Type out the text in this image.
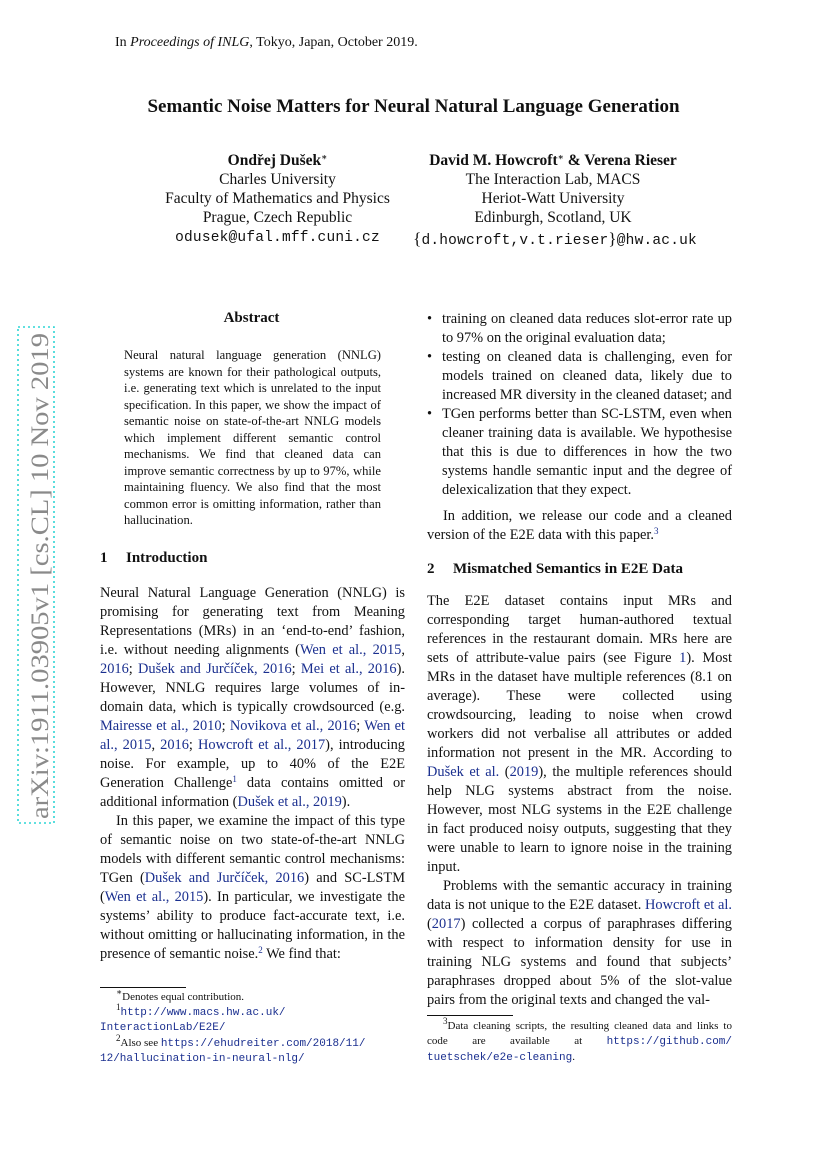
In Proceedings of INLG, Tokyo, Japan, October 2019.
Semantic Noise Matters for Neural Natural Language Generation
Ondřej Dušek∗
Charles University
Faculty of Mathematics and Physics
Prague, Czech Republic
odusek@ufal.mff.cuni.cz
David M. Howcroft∗ & Verena Rieser
The Interaction Lab, MACS
Heriot-Watt University
Edinburgh, Scotland, UK
{d.howcroft,v.t.rieser}@hw.ac.uk
arXiv:1911.03905v1 [cs.CL] 10 Nov 2019
Abstract
Neural natural language generation (NNLG) systems are known for their pathological outputs, i.e. generating text which is unrelated to the input specification. In this paper, we show the impact of semantic noise on state-of-the-art NNLG models which implement different semantic control mechanisms. We find that cleaned data can improve semantic correctness by up to 97%, while maintaining fluency. We also find that the most common error is omitting information, rather than hallucination.
1 Introduction

Neural Natural Language Generation (NNLG) is promising for generating text from Meaning Representations (MRs) in an ‘end-to-end’ fashion, i.e. without needing alignments (Wen et al., 2015, 2016; Dušek and Jurčíček, 2016; Mei et al., 2016). However, NNLG requires large volumes of in-domain data, which is typically crowdsourced (e.g. Mairesse et al., 2010; Novikova et al., 2016; Wen et al., 2015, 2016; Howcroft et al., 2017), introducing noise. For example, up to 40% of the E2E Generation Challenge$^1$ data contains omitted or additional information (Dušek et al., 2019).

In this paper, we examine the impact of this type of semantic noise on two state-of-the-art NNLG models with different semantic control mechanisms: TGen (Dušek and Jurčíček, 2016) and SC-LSTM (Wen et al., 2015). In particular, we investigate the systems’ ability to produce fact-accurate text, i.e. without omitting or hallucinating information, in the presence of semantic noise.$^2$ We find that:

∗Denotes equal contribution.
$^1$http://www.macs.hw.ac.uk/
InteractionLab/E2E/
$^2$Also see https://ehudreiter.com/2018/11/
12/hallucination-in-neural-nlg/
• training on cleaned data reduces slot-error rate up to 97% on the original evaluation data;
• testing on cleaned data is challenging, even for models trained on cleaned data, likely due to increased MR diversity in the cleaned dataset; and
• TGen performs better than SC-LSTM, even when cleaner training data is available. We hypothesise that this is due to differences in how the two systems handle semantic input and the degree of delexicalization that they expect.

In addition, we release our code and a cleaned version of the E2E data with this paper.$^3$

2 Mismatched Semantics in E2E Data

The E2E dataset contains input MRs and corresponding target human-authored textual references in the restaurant domain. MRs here are sets of attribute-value pairs (see Figure 1). Most MRs in the dataset have multiple references (8.1 on average). These were collected using crowdsourcing, leading to noise when crowd workers did not verbalise all attributes or added information not present in the MR. According to Dušek et al. (2019), the multiple references should help NLG systems abstract from the noise. However, most NLG systems in the E2E challenge in fact produced noisy outputs, suggesting that they were unable to learn to ignore noise in the training input.

Problems with the semantic accuracy in training data is not unique to the E2E dataset. Howcroft et al. (2017) collected a corpus of paraphrases differing with respect to information density for use in training NLG systems and found that subjects’ paraphrases dropped about 5% of the slot-value pairs from the original texts and changed the val-

$^3$Data cleaning scripts, the resulting cleaned data and links to code are available at https://github.com/ tuetschek/e2e-cleaning.
